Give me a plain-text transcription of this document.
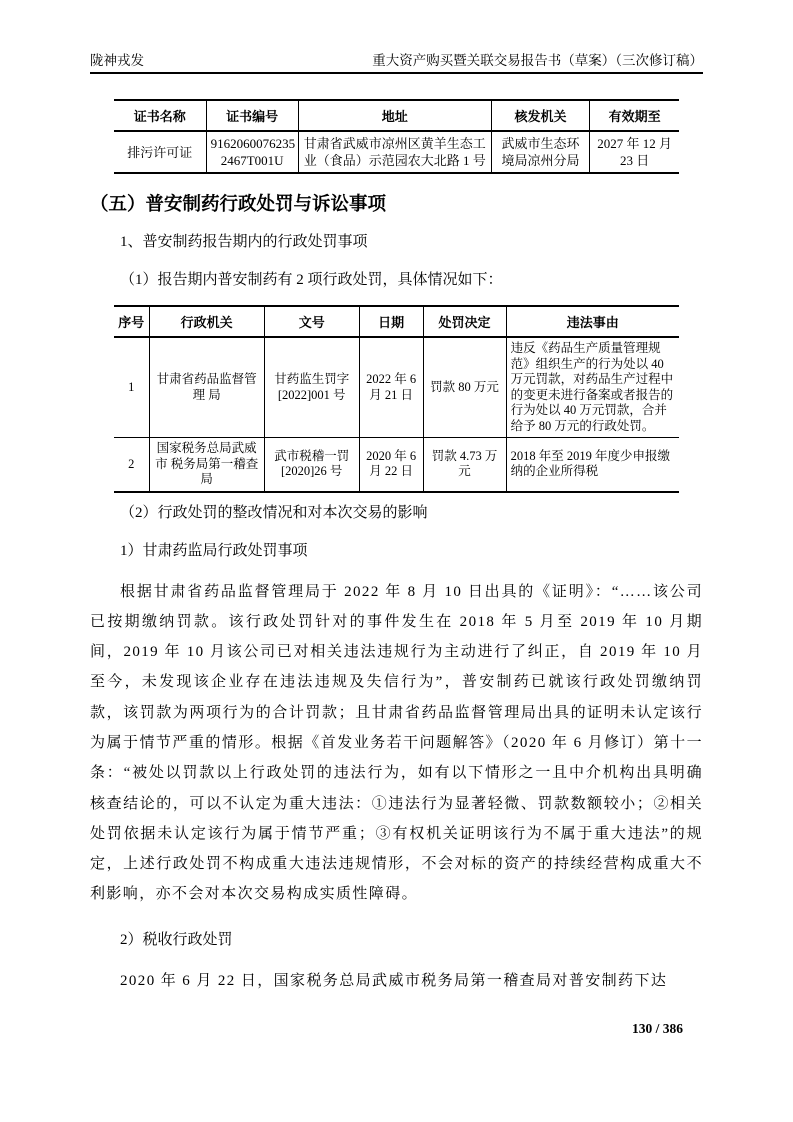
陇神戎发	重大资产购买暨关联交易报告书（草案）（三次修订稿）
证书名称	证书编号	地址	核发机关	有效期至
排污许可证	9162060076235 2467T001U	甘肃省武威市凉州区黄羊生态工业（食品）示范园农大北路 1 号	武威市生态环境局凉州分局	2027 年 12 月 23 日
（五）普安制药行政处罚与诉讼事项

1、普安制药报告期内的行政处罚事项

（1）报告期内普安制药有 2 项行政处罚，具体情况如下：

序号	行政机关	文号	日期	处罚决定	违法事由
1	甘肃省药品监督管理 局	甘药监生罚字 [2022]001 号	2022 年 6 月 21 日	罚款 80 万元	违反《药品生产质量管理规范》组织生产的行为处以 40 万元罚款，对药品生产过程中的变更未进行备案或者报告的行为处以 40 万元罚款，合并给予 80 万元的行政处罚。
2	国家税务总局武威市 税务局第一稽查局	武市税稽一罚 [2020]26 号	2020 年 6 月 22 日	罚款 4.73 万元	2018 年至 2019 年度少申报缴纳的企业所得税

（2）行政处罚的整改情况和对本次交易的影响

1）甘肃药监局行政处罚事项

根据甘肃省药品监督管理局于 2022 年 8 月 10 日出具的《证明》：“……该公司已按期缴纳罚款。该行政处罚针对的事件发生在 2018 年 5 月至 2019 年 10 月期间，2019 年 10 月该公司已对相关违法违规行为主动进行了纠正，自 2019 年 10 月至今，未发现该企业存在违法违规及失信行为”，普安制药已就该行政处罚缴纳罚款，该罚款为两项行为的合计罚款；且甘肃省药品监督管理局出具的证明未认定该行为属于情节严重的情形。根据《首发业务若干问题解答》（2020 年 6 月修订）第十一条：“被处以罚款以上行政处罚的违法行为，如有以下情形之一且中介机构出具明确核查结论的，可以不认定为重大违法：①违法行为显著轻微、罚款数额较小；②相关处罚依据未认定该行为属于情节严重；③有权机关证明该行为不属于重大违法”的规定，上述行政处罚不构成重大违法违规情形，不会对标的资产的持续经营构成重大不利影响，亦不会对本次交易构成实质性障碍。

2）税收行政处罚

2020 年 6 月 22 日，国家税务总局武威市税务局第一稽查局对普安制药下达

130 / 386
